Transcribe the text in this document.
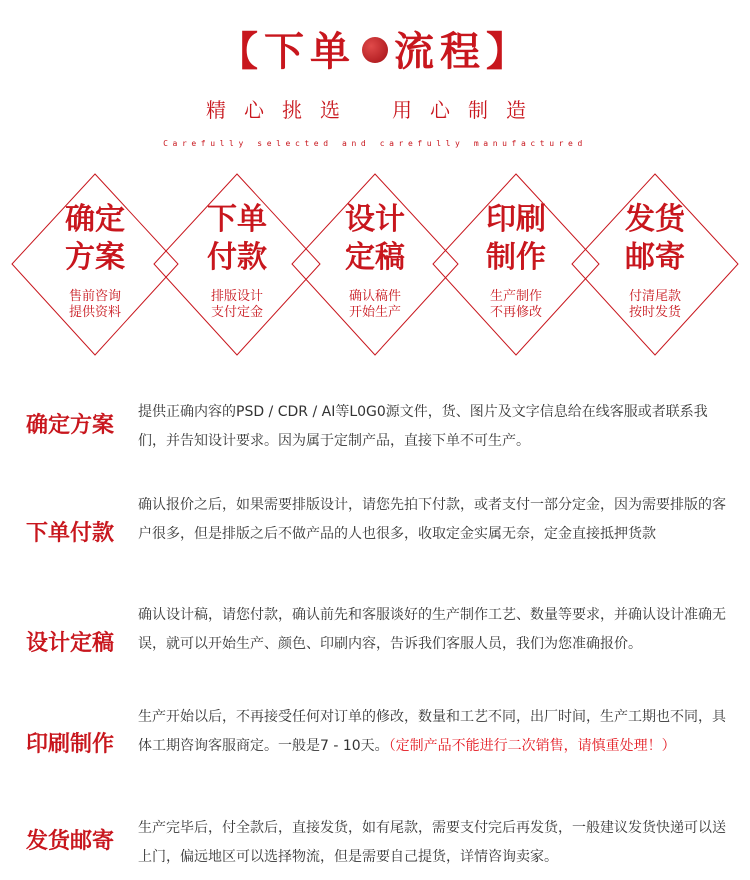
【下单 流程】
精心挑选 用心制造
Carefully selected and carefully manufactured
确定
方案
售前咨询
提供资料
下单
付款
排版设计
支付定金
设计
定稿
确认稿件
开始生产
印刷
制作
生产制作
不再修改
发货
邮寄
付清尾款
按时发货
确定方案
提供正确内容的PSD / CDR / AI等L0G0源文件，货、图片及文字信息给在线客服或者联系我们，并告知设计要求。因为属于定制产品，直接下单不可生产。
下单付款
确认报价之后，如果需要排版设计，请您先拍下付款，或者支付一部分定金，因为需要排版的客户很多，但是排版之后不做产品的人也很多，收取定金实属无奈，定金直接抵押货款
设计定稿
确认设计稿，请您付款，确认前先和客服谈好的生产制作工艺、数量等要求，并确认设计准确无误，就可以开始生产、颜色、印刷内容，告诉我们客服人员，我们为您准确报价。
印刷制作
生产开始以后，不再接受任何对订单的修改，数量和工艺不同，出厂时间，生产工期也不同，具体工期咨询客服商定。一般是7 - 10天。（定制产品不能进行二次销售，请慎重处理！）
发货邮寄
生产完毕后，付全款后，直接发货，如有尾款，需要支付完后再发货，一般建议发货快递可以送上门，偏远地区可以选择物流，但是需要自己提货，详情咨询卖家。
